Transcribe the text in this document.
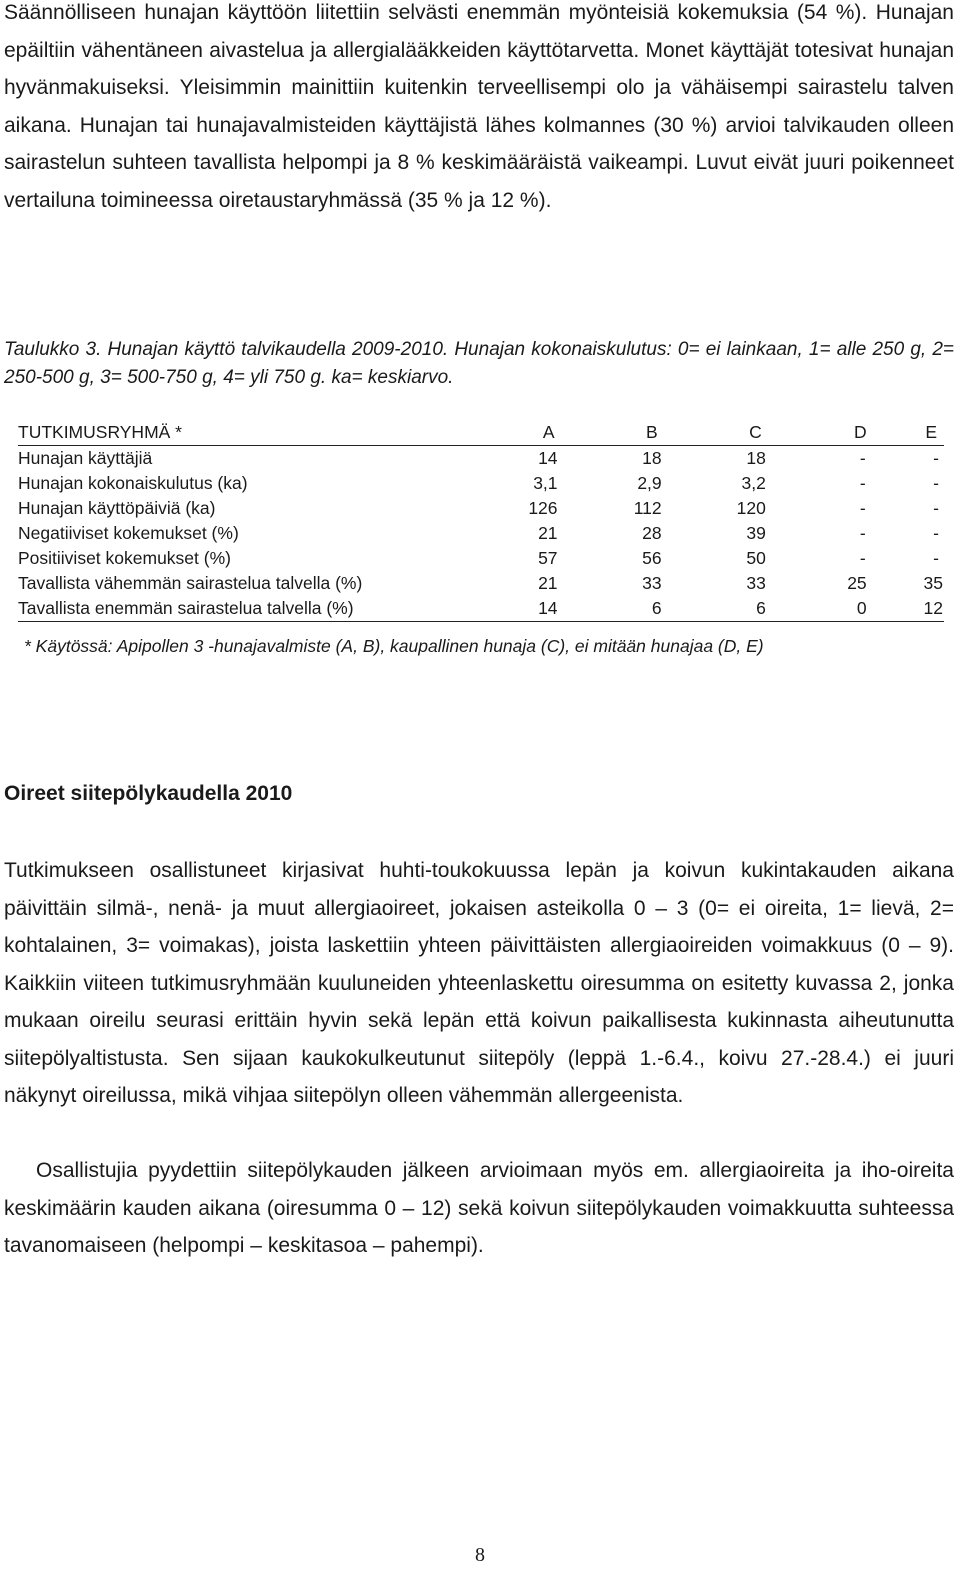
Säännölliseen hunajan käyttöön liitettiin selvästi enemmän myönteisiä kokemuksia (54 %). Hunajan epäiltiin vähentäneen aivastelua ja allergialääkkeiden käyttötarvetta. Monet käyttäjät totesivat hunajan hyvänmakuiseksi. Yleisimmin mainittiin kuitenkin terveellisempi olo ja vähäisempi sairastelu talven aikana. Hunajan tai hunajavalmisteiden käyttäjistä lähes kolmannes (30 %) arvioi talvikauden olleen sairastelun suhteen tavallista helpompi ja 8 % keskimääräistä vaikeampi. Luvut eivät juuri poikenneet vertailuna toimineessa oiretaustaryhmässä (35 % ja 12 %).

Taulukko 3. Hunajan käyttö talvikaudella 2009-2010. Hunajan kokonaiskulutus: 0= ei lainkaan, 1= alle 250 g, 2= 250-500 g, 3= 500-750 g, 4= yli 750 g. ka= keskiarvo.

TUTKIMUSRYHMÄ *	A	B	C	D	E
Hunajan käyttäjiä	14	18	18	-	-
Hunajan kokonaiskulutus (ka)	3,1	2,9	3,2	-	-
Hunajan käyttöpäiviä (ka)	126	112	120	-	-
Negatiiviset kokemukset (%)	21	28	39	-	-
Positiiviset kokemukset (%)	57	56	50	-	-
Tavallista vähemmän sairastelua talvella (%)	21	33	33	25	35
Tavallista enemmän sairastelua talvella (%)	14	6	6	0	12

* Käytössä: Apipollen 3 -hunajavalmiste (A, B), kaupallinen hunaja (C), ei mitään hunajaa (D, E)

Oireet siitepölykaudella 2010

Tutkimukseen osallistuneet kirjasivat huhti-toukokuussa lepän ja koivun kukintakauden aikana päivittäin silmä-, nenä- ja muut allergiaoireet, jokaisen asteikolla 0 – 3 (0= ei oireita, 1= lievä, 2= kohtalainen, 3= voimakas), joista laskettiin yhteen päivittäisten allergiaoireiden voimakkuus (0 – 9). Kaikkiin viiteen tutkimusryhmään kuuluneiden yhteenlaskettu oiresumma on esitetty kuvassa 2, jonka mukaan oireilu seurasi erittäin hyvin sekä lepän että koivun paikallisesta kukinnasta aiheutunutta siitepölyaltistusta. Sen sijaan kaukokulkeutunut siitepöly (leppä 1.-6.4., koivu 27.-28.4.) ei juuri näkynyt oireilussa, mikä vihjaa siitepölyn olleen vähemmän allergeenista.

Osallistujia pyydettiin siitepölykauden jälkeen arvioimaan myös em. allergiaoireita ja iho-oireita keskimäärin kauden aikana (oiresumma 0 – 12) sekä koivun siitepölykauden voimakkuutta suhteessa tavanomaiseen (helpompi – keskitasoa – pahempi).

8
